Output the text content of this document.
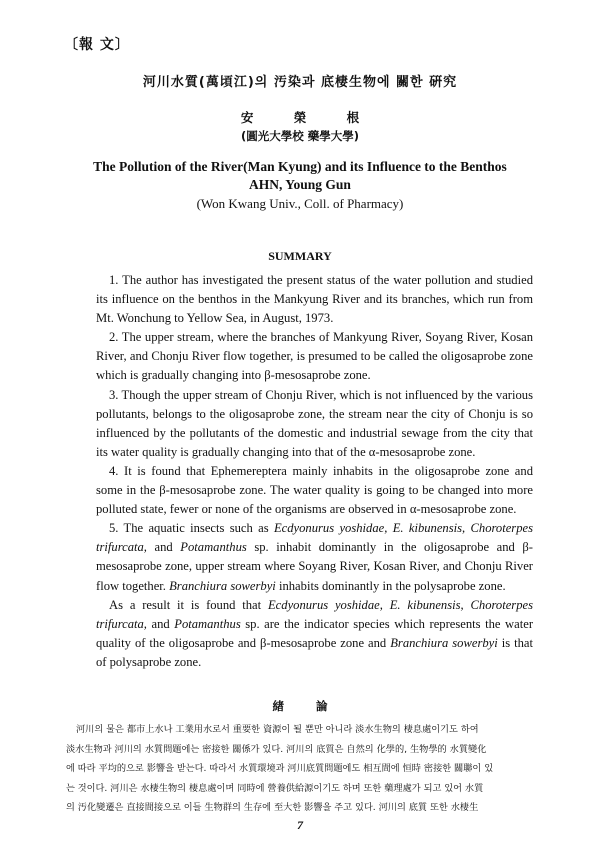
〔報 文〕
河川水質(萬頃江)의 汚染과 底棲生物에 關한 硏究
安 榮 根
(圓光大學校 藥學大學)
The Pollution of the River(Man Kyung) and its Influence to the Benthos
AHN, Young Gun
(Won Kwang Univ., Coll. of Pharmacy)
SUMMARY

1. The author has investigated the present status of the water pollution and studied its influence on the benthos in the Mankyung River and its branches, which run from Mt. Wonchung to Yellow Sea, in August, 1973.

2. The upper stream, where the branches of Mankyung River, Soyang River, Kosan River, and Chonju River flow together, is presumed to be called the oligosaprobe zone which is gradually changing into β-mesosaprobe zone.

3. Though the upper stream of Chonju River, which is not influenced by the various pollutants, belongs to the oligosaprobe zone, the stream near the city of Chonju is so influenced by the pollutants of the domestic and industrial sewage from the city that its water quality is gradually changing into that of the α-mesosaprobe zone.

4. It is found that Ephemereptera mainly inhabits in the oligosaprobe zone and some in the β-mesosaprobe zone. The water quality is going to be changed into more polluted state, fewer or none of the organisms are observed in α-mesosaprobe zone.

5. The aquatic insects such as Ecdyonurus yoshidae, E. kibunensis, Choroterpes trifurcata, and Potamanthus sp. inhabit dominantly in the oligosaprobe and β-mesosaprobe zone, upper stream where Soyang River, Kosan River, and Chonju River flow together. Branchiura sowerbyi inhabits dominantly in the polysaprobe zone.

As a result it is found that Ecdyonurus yoshidae, E. kibunensis, Choroterpes trifurcata, and Potamanthus sp. are the indicator species which represents the water quality of the oligosaprobe and β-mesosaprobe zone and Branchiura sowerbyi is that of polysaprobe zone.

緖 論
河川의 물은 都市上水나 工業用水로서 重要한 資源이 될 뿐만 아니라 淡水生物의 棲息處이기도 하여
淡水生物과 河川의 水質問題에는 密接한 關係가 있다. 河川의 底質은 自然의 化學的, 生物學的 水質變化
에 따라 平均的으로 影響을 받는다. 따라서 水質環境과 河川底質問題에도 相互間에 恒時 密接한 關聯이 있
는 것이다. 河川은 水棲生物의 棲息處이며 同時에 營養供給源이기도 하며 또한 藥理處가 되고 있어 水質
의 汚化變遷은 直接間接으로 이들 生物群의 生存에 至大한 影響을 주고 있다. 河川의 底質 또한 水棲生
7
